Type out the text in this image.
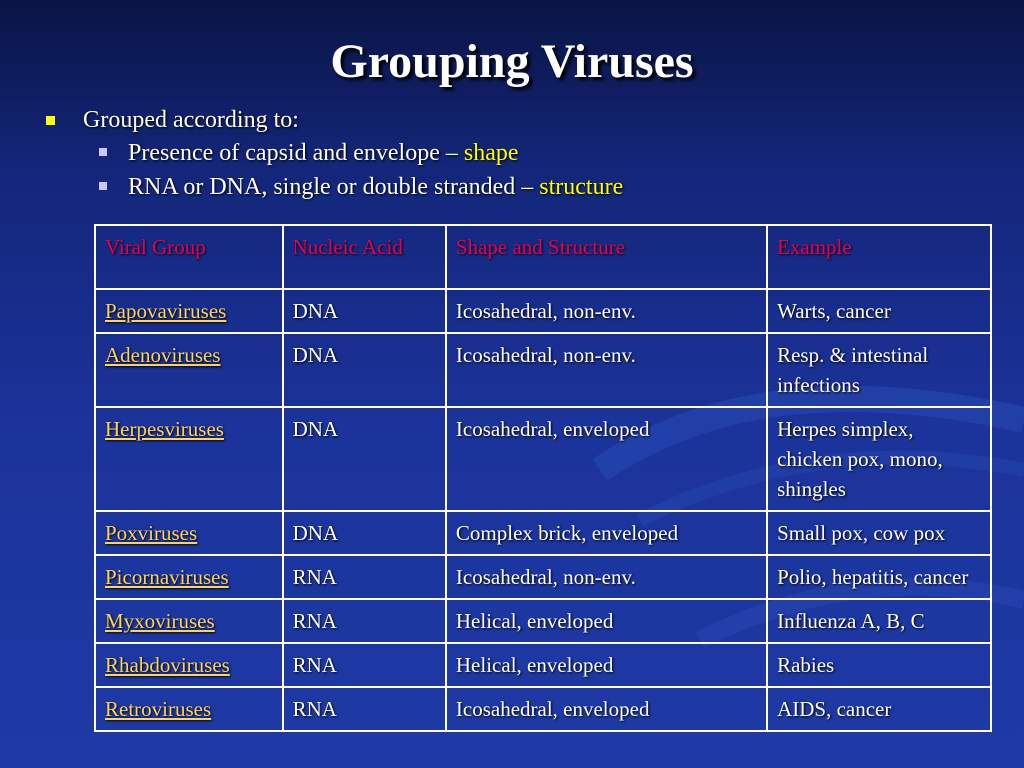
Grouping Viruses
Grouped according to:
Presence of capsid and envelope – shape
RNA or DNA, single or double stranded – structure
Viral Group	Nucleic Acid	Shape and Structure	Example
Papovaviruses	DNA	Icosahedral, non-env.	Warts, cancer
Adenoviruses	DNA	Icosahedral, non-env.	Resp. & intestinal infections
Herpesviruses	DNA	Icosahedral, enveloped	Herpes simplex, chicken pox, mono, shingles
Poxviruses	DNA	Complex brick, enveloped	Small pox, cow pox
Picornaviruses	RNA	Icosahedral, non-env.	Polio, hepatitis, cancer
Myxoviruses	RNA	Helical, enveloped	Influenza A, B, C
Rhabdoviruses	RNA	Helical, enveloped	Rabies
Retroviruses	RNA	Icosahedral, enveloped	AIDS, cancer
